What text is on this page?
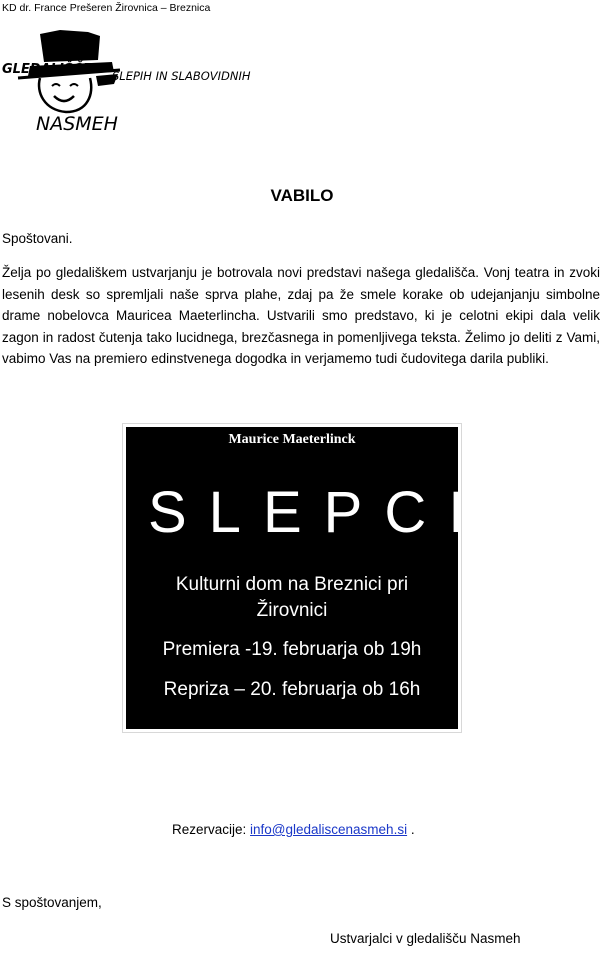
KD dr. France Prešeren Žirovnica – Breznica
GLEDALIŠČE SLEPIH IN SLABOVIDNIH
NASMEH
VABILO
Spoštovani.
Želja po gledališkem ustvarjanju je botrovala novi predstavi našega gledališča. Vonj teatra in zvoki lesenih desk so spremljali naše sprva plahe, zdaj pa že smele korake ob udejanjanju simbolne drame nobelovca Mauricea Maeterlincha. Ustvarili smo predstavo, ki je celotni ekipi dala velik zagon in radost čutenja tako lucidnega, brezčasnega in pomenljivega teksta. Želimo jo deliti z Vami, vabimo Vas na premiero edinstvenega dogodka in verjamemo tudi čudovitega darila publiki.
Maurice Maeterlinck
SLEPCI
Kulturni dom na Breznici pri Žirovnici
Premiera -19. februarja ob 19h
Repriza – 20. februarja ob 16h
Rezervacije: info@gledaliscenasmeh.si .
S spoštovanjem,
Ustvarjalci v gledališču Nasmeh
